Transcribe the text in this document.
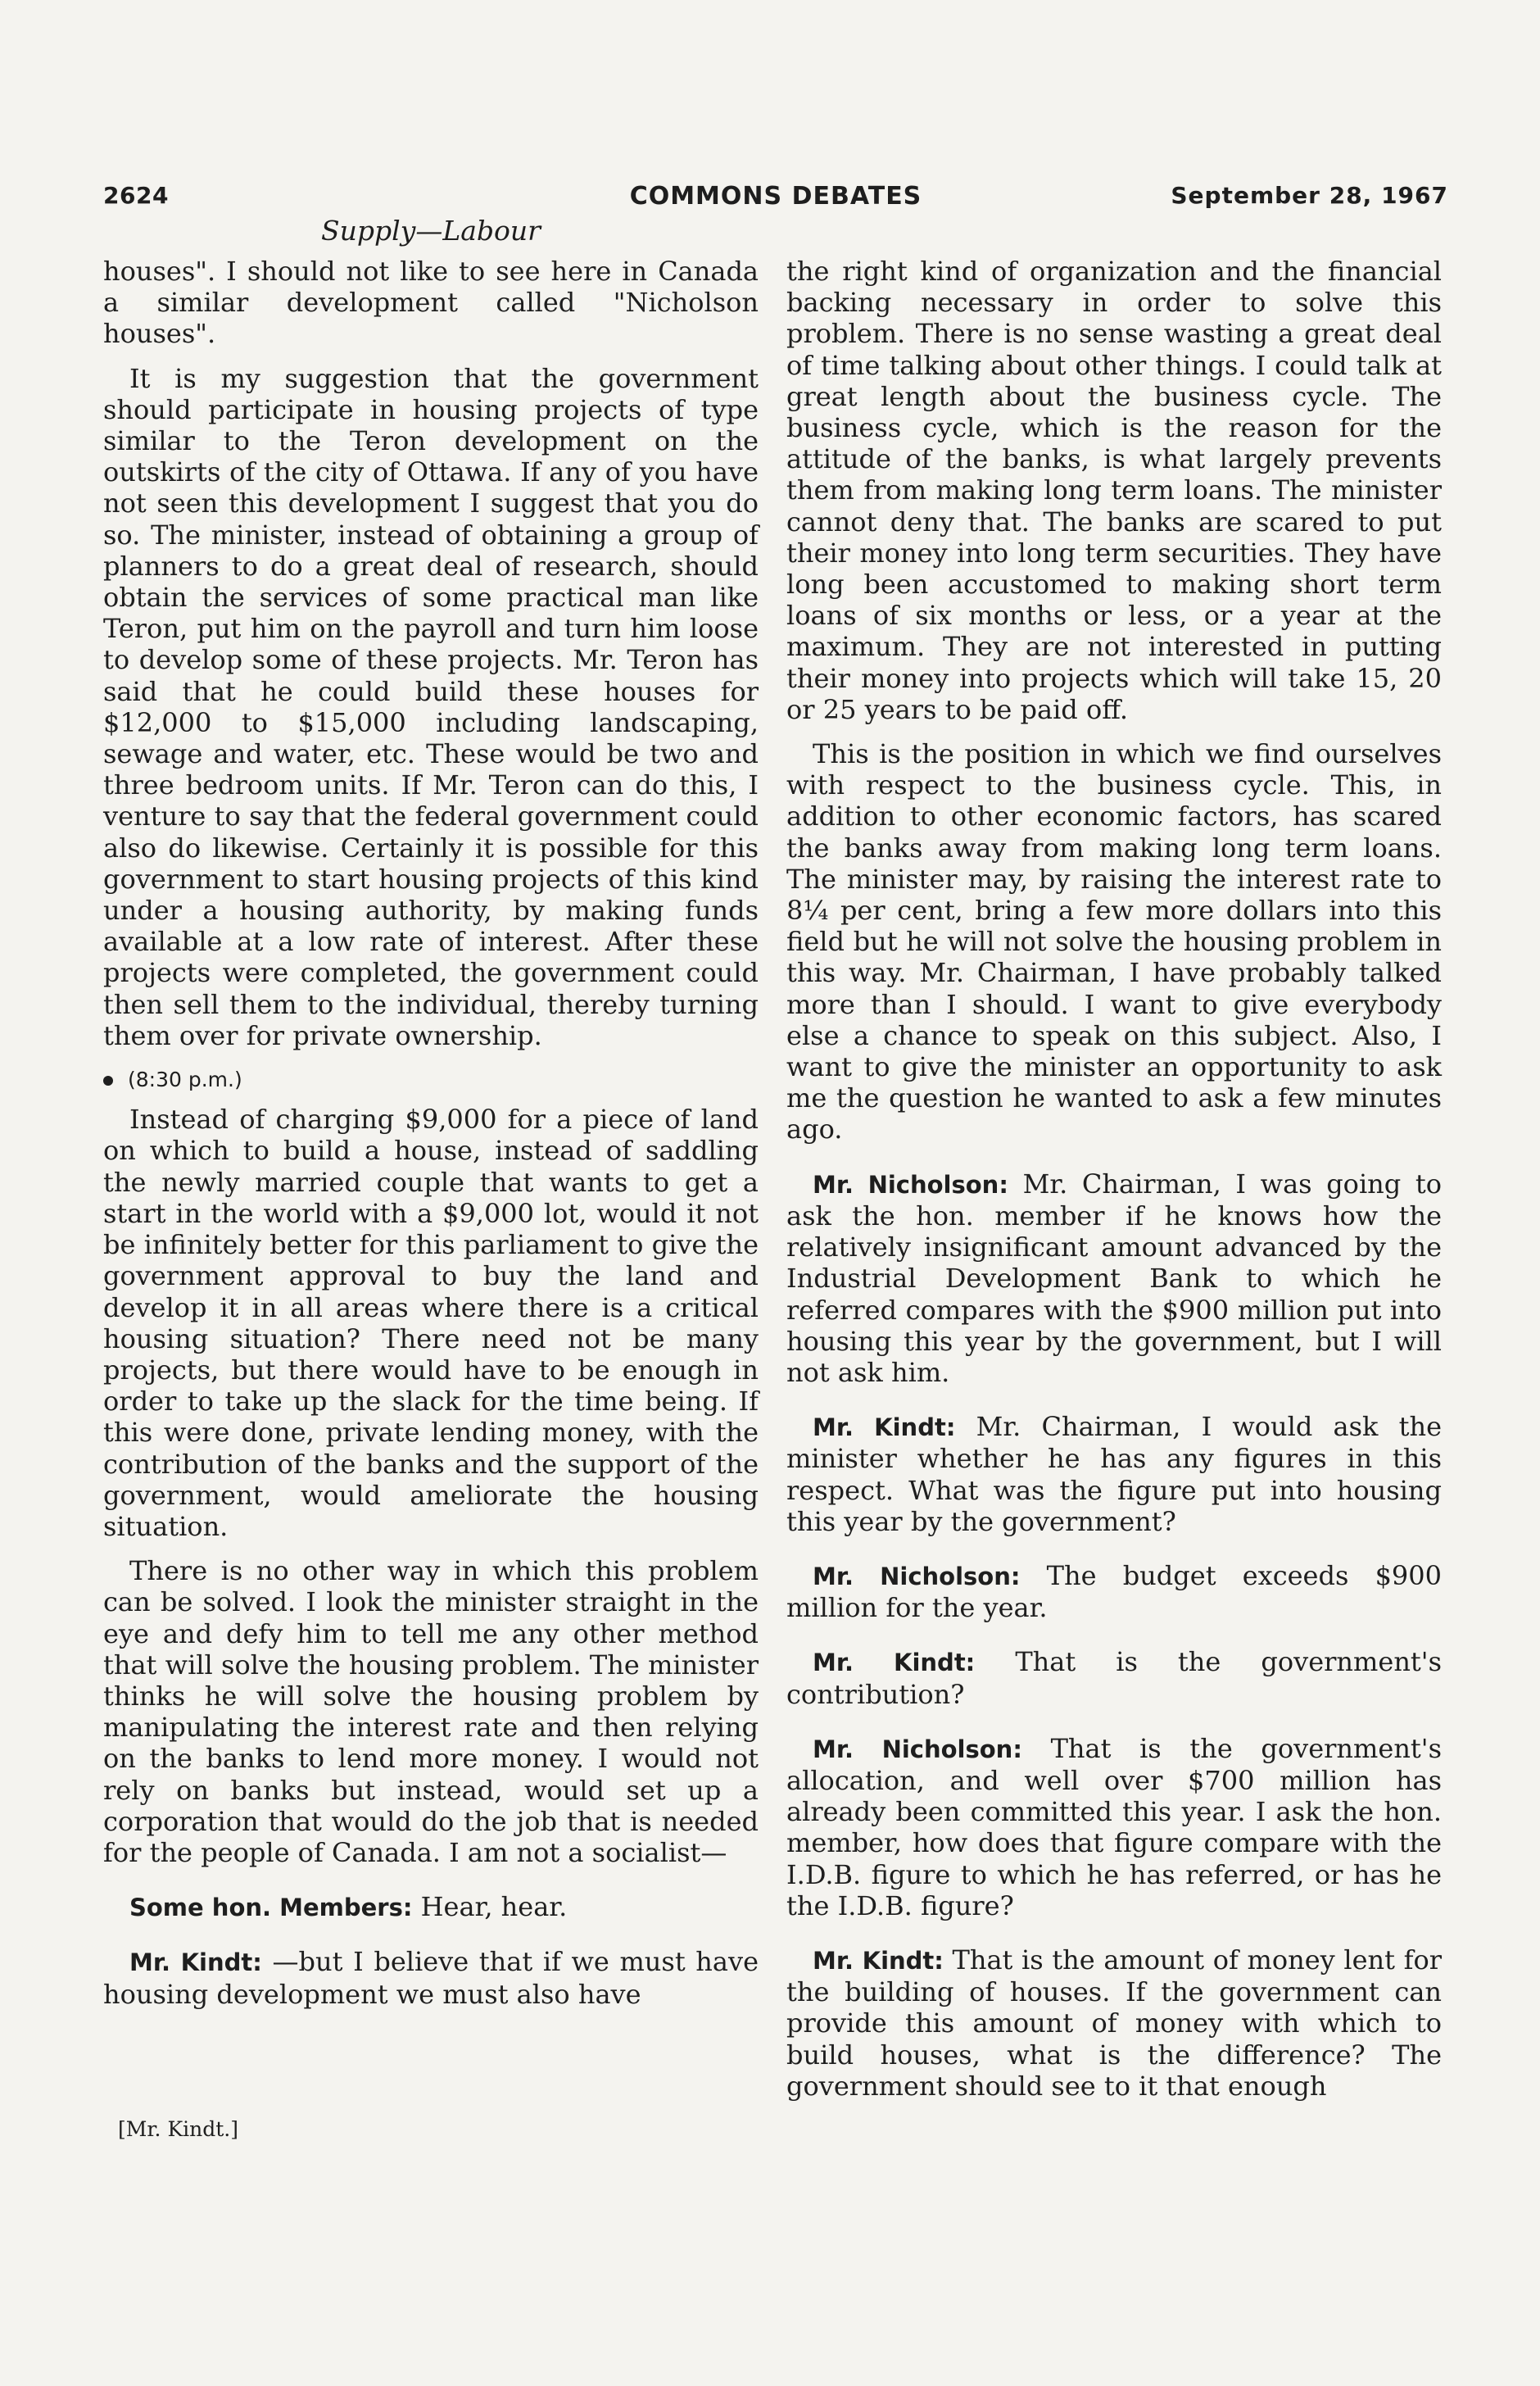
2624	COMMONS DEBATES	September 28, 1967
Supply—Labour

houses". I should not like to see here in Canada a similar development called "Nicholson houses".

It is my suggestion that the government should participate in housing projects of type similar to the Teron development on the outskirts of the city of Ottawa. If any of you have not seen this development I suggest that you do so. The minister, instead of obtaining a group of planners to do a great deal of research, should obtain the services of some practical man like Teron, put him on the payroll and turn him loose to develop some of these projects. Mr. Teron has said that he could build these houses for $12,000 to $15,000 including landscaping, sewage and water, etc. These would be two and three bedroom units. If Mr. Teron can do this, I venture to say that the federal government could also do likewise. Certainly it is possible for this government to start housing projects of this kind under a housing authority, by making funds available at a low rate of interest. After these projects were completed, the government could then sell them to the individual, thereby turning them over for private ownership.

(8:30 p.m.)

Instead of charging $9,000 for a piece of land on which to build a house, instead of saddling the newly married couple that wants to get a start in the world with a $9,000 lot, would it not be infinitely better for this parliament to give the government approval to buy the land and develop it in all areas where there is a critical housing situation? There need not be many projects, but there would have to be enough in order to take up the slack for the time being. If this were done, private lending money, with the contribution of the banks and the support of the government, would ameliorate the housing situation.

There is no other way in which this problem can be solved. I look the minister straight in the eye and defy him to tell me any other method that will solve the housing problem. The minister thinks he will solve the housing problem by manipulating the interest rate and then relying on the banks to lend more money. I would not rely on banks but instead, would set up a corporation that would do the job that is needed for the people of Canada. I am not a socialist—

Some hon. Members: Hear, hear.

Mr. Kindt: —but I believe that if we must have housing development we must also have

[Mr. Kindt.]

the right kind of organization and the financial backing necessary in order to solve this problem. There is no sense wasting a great deal of time talking about other things. I could talk at great length about the business cycle. The business cycle, which is the reason for the attitude of the banks, is what largely prevents them from making long term loans. The minister cannot deny that. The banks are scared to put their money into long term securities. They have long been accustomed to making short term loans of six months or less, or a year at the maximum. They are not interested in putting their money into projects which will take 15, 20 or 25 years to be paid off.

This is the position in which we find ourselves with respect to the business cycle. This, in addition to other economic factors, has scared the banks away from making long term loans. The minister may, by raising the interest rate to 8¼ per cent, bring a few more dollars into this field but he will not solve the housing problem in this way. Mr. Chairman, I have probably talked more than I should. I want to give everybody else a chance to speak on this subject. Also, I want to give the minister an opportunity to ask me the question he wanted to ask a few minutes ago.

Mr. Nicholson: Mr. Chairman, I was going to ask the hon. member if he knows how the relatively insignificant amount advanced by the Industrial Development Bank to which he referred compares with the $900 million put into housing this year by the government, but I will not ask him.

Mr. Kindt: Mr. Chairman, I would ask the minister whether he has any figures in this respect. What was the figure put into housing this year by the government?

Mr. Nicholson: The budget exceeds $900 million for the year.

Mr. Kindt: That is the government's contribution?

Mr. Nicholson: That is the government's allocation, and well over $700 million has already been committed this year. I ask the hon. member, how does that figure compare with the I.D.B. figure to which he has referred, or has he the I.D.B. figure?

Mr. Kindt: That is the amount of money lent for the building of houses. If the government can provide this amount of money with which to build houses, what is the difference? The government should see to it that enough
